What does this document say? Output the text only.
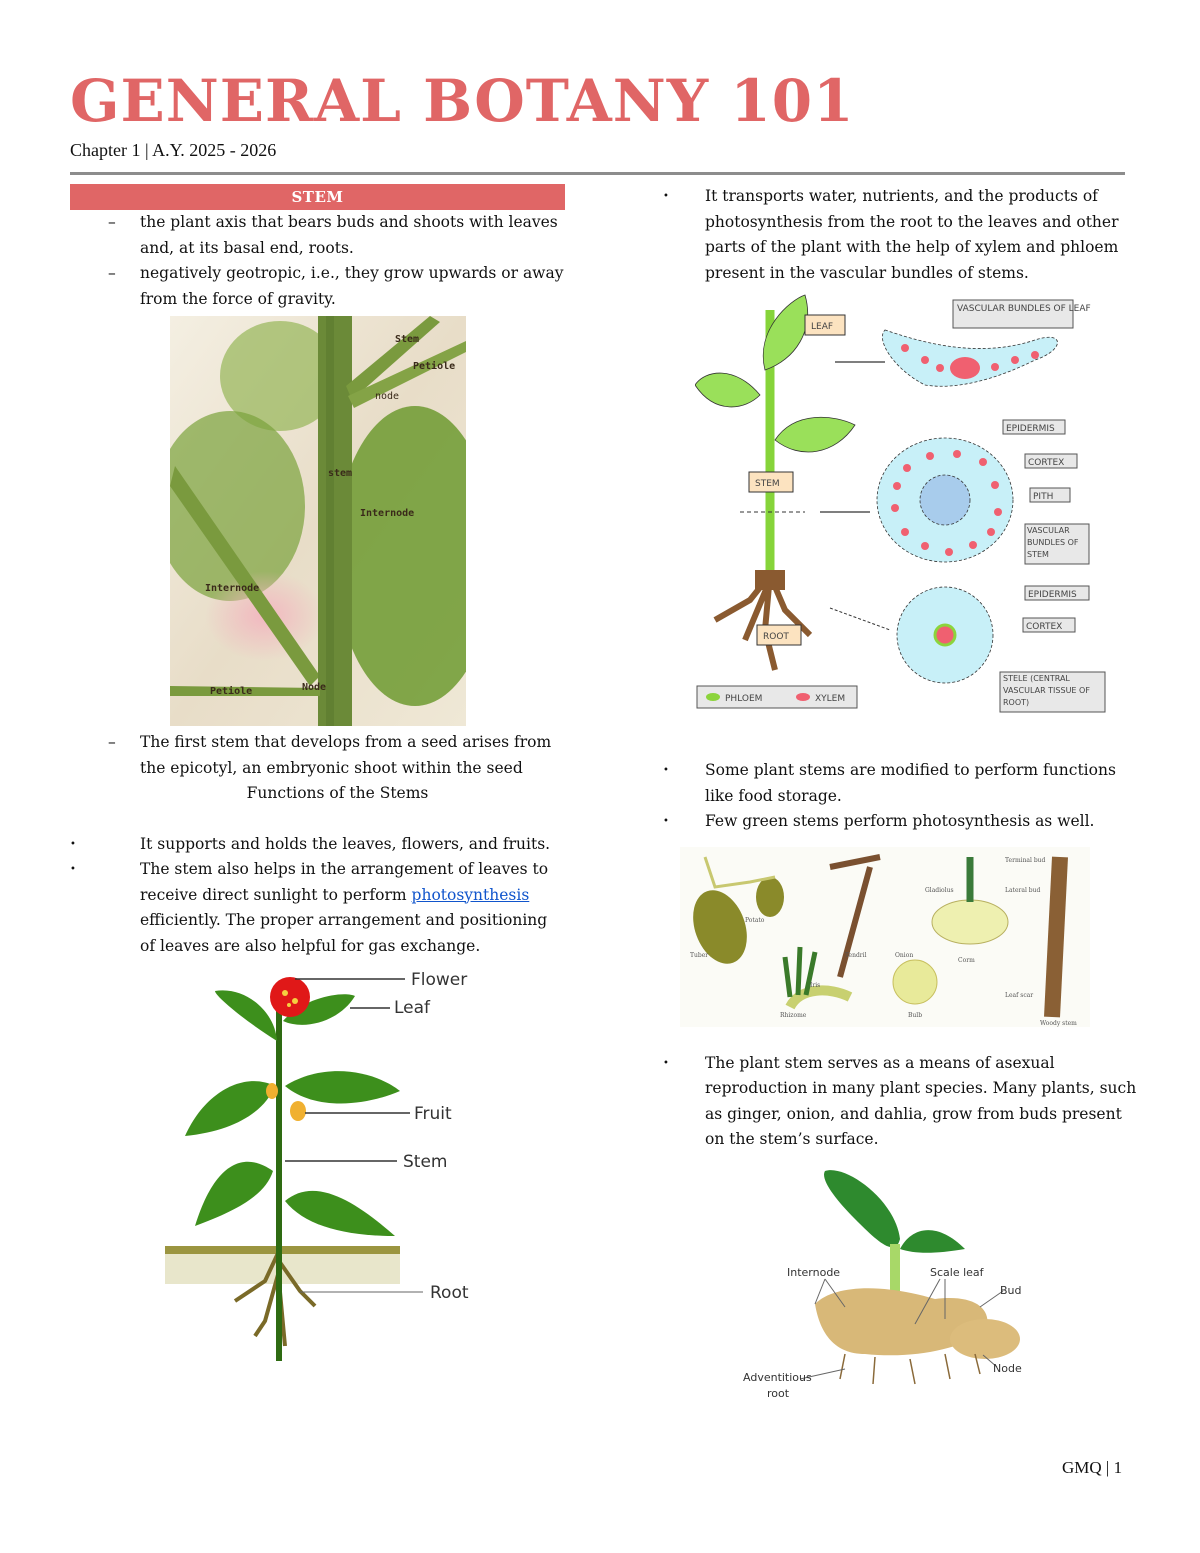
GENERAL BOTANY 101
Chapter 1 | A.Y. 2025 - 2026
STEM
– the plant axis that bears buds and shoots with leaves and, at its basal end, roots.
– negatively geotropic, i.e., they grow upwards or away from the force of gravity.
Stem
Petiole
node
stem
Internode
Internode
Petiole	Node
– The first stem that develops from a seed arises from the epicotyl, an embryonic shoot within the seed
Functions of the Stems
•	It supports and holds the leaves, flowers, and fruits.
•	The stem also helps in the arrangement of leaves to receive direct sunlight to perform photosynthesis efficiently. The proper arrangement and positioning of leaves are also helpful for gas exchange.
Flower
Leaf
Fruit
Stem
Root
• It transports water, nutrients, and the products of photosynthesis from the root to the leaves and other parts of the plant with the help of xylem and phloem present in the vascular bundles of stems.
LEAF
STEM
ROOT
VASCULAR BUNDLES OF LEAF
EPIDERMIS
CORTEX
PITH
VASCULAR BUNDLES OF STEM
EPIDERMIS
CORTEX
STELE (CENTRAL VASCULAR TISSUE OF ROOT)
PHLOEM	XYLEM
• Some plant stems are modified to perform functions like food storage.
• Few green stems perform photosynthesis as well.
Tuber
Potato
Tendril
Iris
Rhizome
Onion
Bulb
Gladiolus
Corm
Terminal bud
Lateral bud
Leaf scar
Woody stem
• The plant stem serves as a means of asexual reproduction in many plant species. Many plants, such as ginger, onion, and dahlia, grow from buds present on the stem’s surface.
Internode	Scale leaf
Bud
Node
Adventitious
root
GMQ | 1
